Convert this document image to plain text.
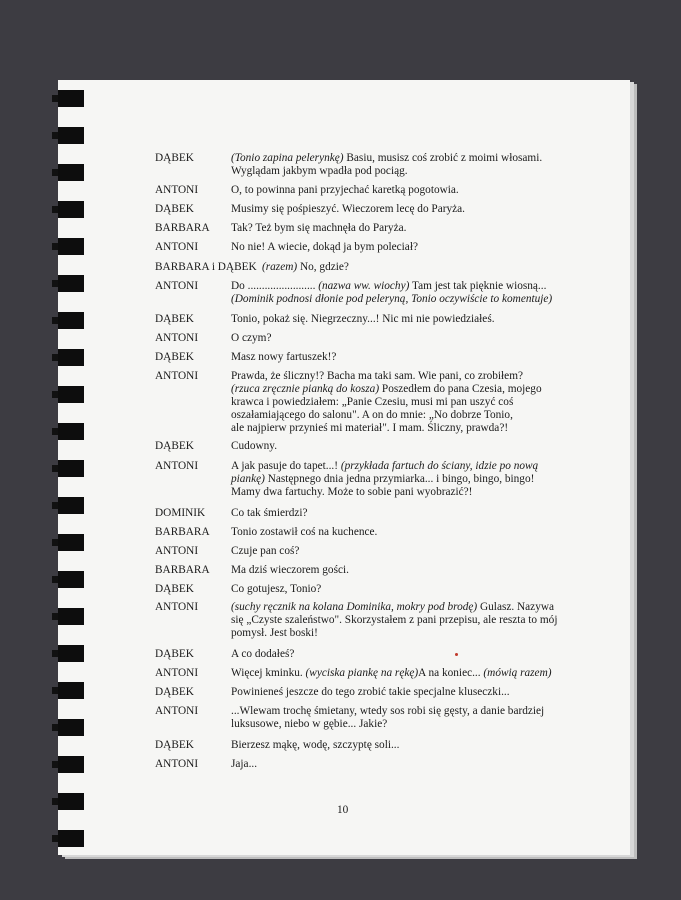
DĄBEK	(Tonio zapina pelerynkę) Basiu, musisz coś zrobić z moimi włosami.
Wyglądam jakbym wpadła pod pociąg.
ANTONI	O, to powinna pani przyjechać karetką pogotowia.
DĄBEK	Musimy się pośpieszyć. Wieczorem lecę do Paryża.
BARBARA Tak? Też bym się machnęła do Paryża.
ANTONI	No nie! A wiecie, dokąd ja bym poleciał?
BARBARA i DĄBEK (razem) No, gdzie?
ANTONI	Do ........................ (nazwa ww. wiochy) Tam jest tak pięknie wiosną...
(Dominik podnosi dłonie pod peleryną, Tonio oczywiście to komentuje)
DĄBEK	Tonio, pokaż się. Niegrzeczny...! Nic mi nie powiedziałeś.
ANTONI	O czym?
DĄBEK	Masz nowy fartuszek!?
ANTONI	Prawda, że śliczny!? Bacha ma taki sam. Wie pani, co zrobiłem?
(rzuca zręcznie pianką do kosza) Poszedłem do pana Czesia, mojego
krawca i powiedziałem: „Panie Czesiu, musi mi pan uszyć coś
oszałamiającego do salonu". A on do mnie: „No dobrze Tonio,
ale najpierw przynieś mi materiał". I mam. Śliczny, prawda?!
DĄBEK	Cudowny.
ANTONI	A jak pasuje do tapet...! (przykłada fartuch do ściany, idzie po nową
piankę) Następnego dnia jedna przymiarka... i bingo, bingo, bingo!
Mamy dwa fartuchy. Może to sobie pani wyobrazić?!
DOMINIK Co tak śmierdzi?
BARBARA Tonio zostawił coś na kuchence.
ANTONI	Czuje pan coś?
BARBARA Ma dziś wieczorem gości.
DĄBEK	Co gotujesz, Tonio?
ANTONI	(suchy ręcznik na kolana Dominika, mokry pod brodę) Gulasz. Nazywa
się „Czyste szaleństwo". Skorzystałem z pani przepisu, ale reszta to mój
pomysł. Jest boski!
DĄBEK	A co dodałeś?
ANTONI	Więcej kminku. (wyciska piankę na rękę)A na koniec... (mówią razem)
DĄBEK	Powinieneś jeszcze do tego zrobić takie specjalne kluseczki...
ANTONI	...Wlewam trochę śmietany, wtedy sos robi się gęsty, a danie bardziej
luksusowe, niebo w gębie... Jakie?
DĄBEK	Bierzesz mąkę, wodę, szczyptę soli...
ANTONI	Jaja...
10
